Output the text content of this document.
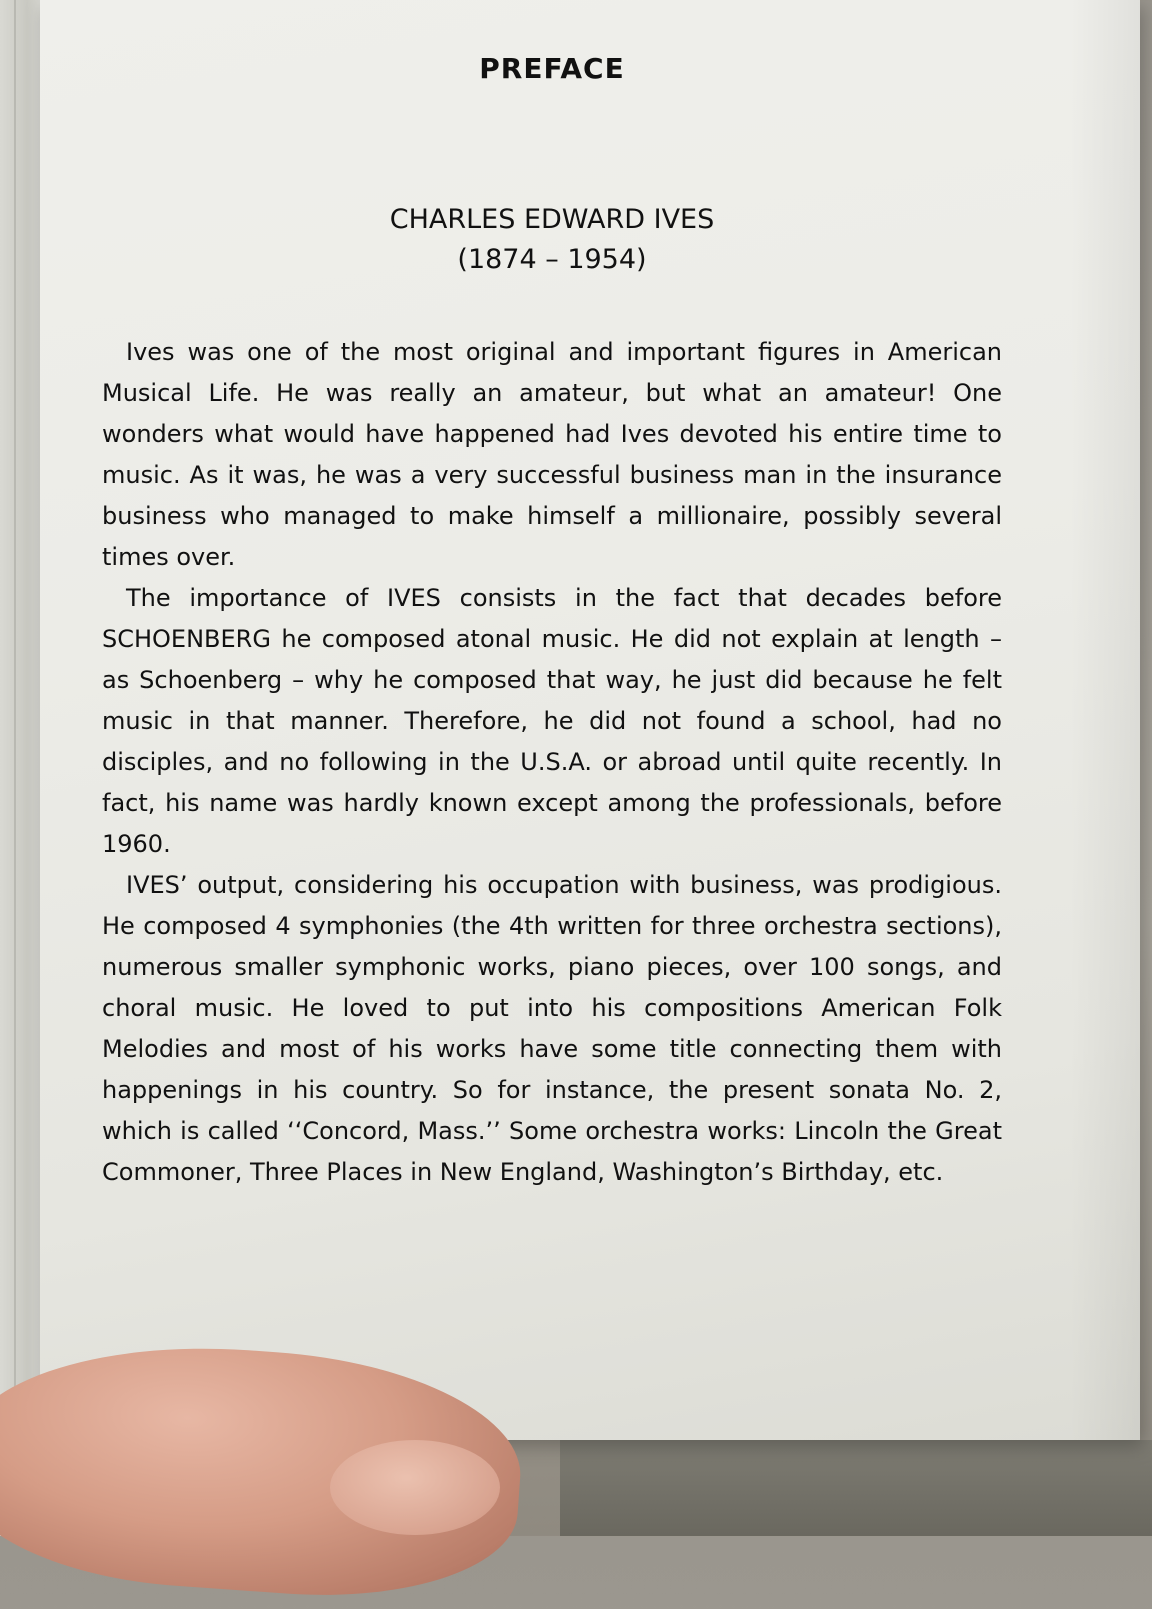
PREFACE
CHARLES EDWARD IVES
(1874 – 1954)

Ives was one of the most original and important figures in American Musical Life. He was really an amateur, but what an amateur! One wonders what would have happened had Ives devoted his entire time to music. As it was, he was a very successful business man in the insurance business who managed to make himself a millionaire, possibly several times over.

The importance of IVES consists in the fact that decades before SCHOENBERG he composed atonal music. He did not explain at length – as Schoenberg – why he composed that way, he just did because he felt music in that manner. Therefore, he did not found a school, had no disciples, and no following in the U.S.A. or abroad until quite recently. In fact, his name was hardly known except among the professionals, before 1960.

IVES’ output, considering his occupation with business, was prodigious. He composed 4 symphonies (the 4th written for three orchestra sections), numerous smaller symphonic works, piano pieces, over 100 songs, and choral music. He loved to put into his compositions American Folk Melodies and most of his works have some title connecting them with happenings in his country. So for instance, the present sonata No. 2, which is called ‘‘Concord, Mass.’’ Some orchestra works: Lincoln the Great Commoner, Three Places in New England, Washington’s Birthday, etc.
